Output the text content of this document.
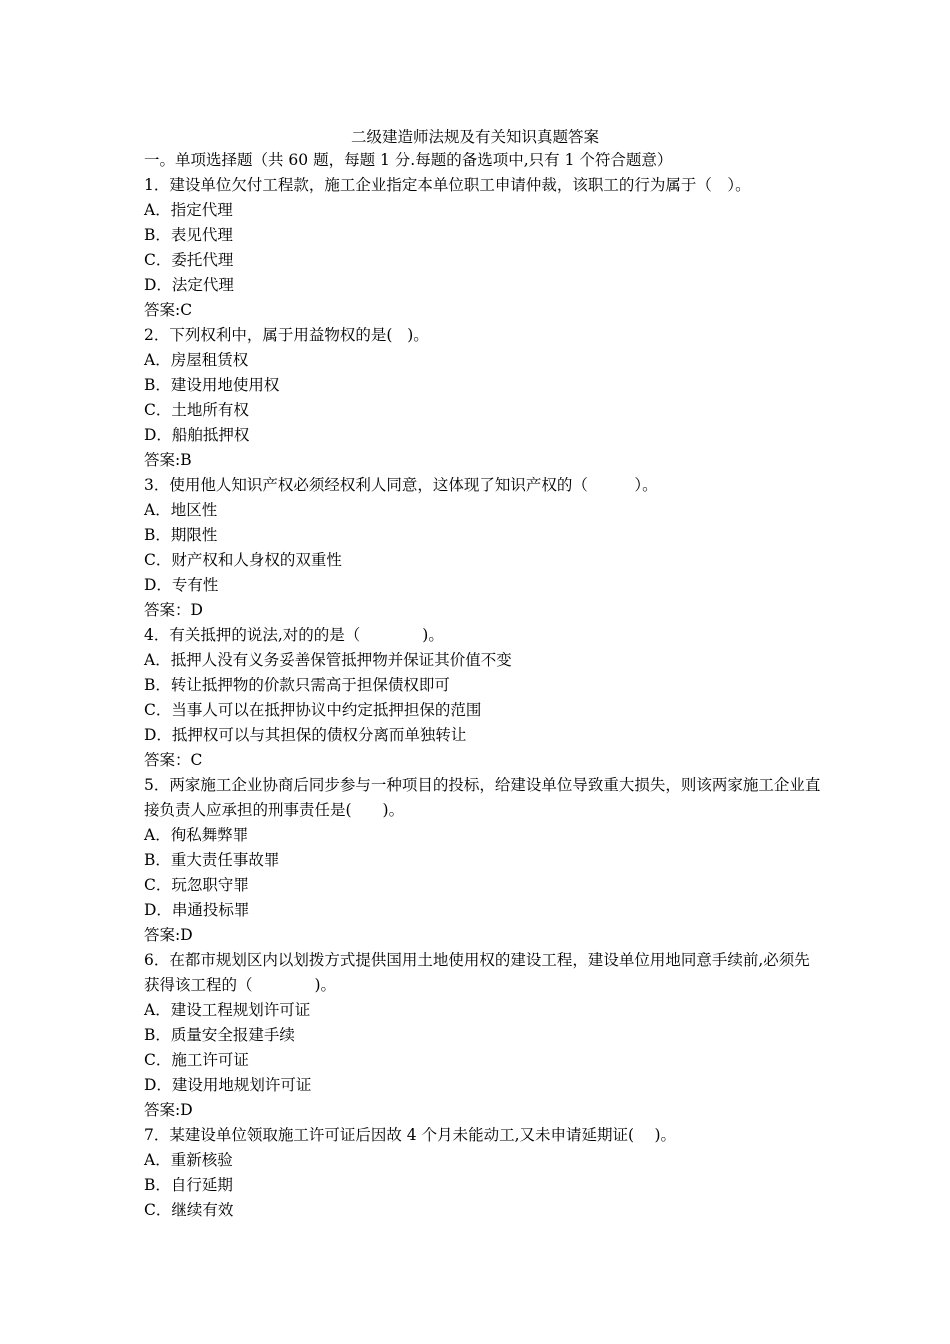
二级建造师法规及有关知识真题答案
一。单项选择题（共 60 题，每题 1 分.每题的备选项中,只有 1 个符合题意）
1．建设单位欠付工程款，施工企业指定本单位职工申请仲裁，该职工的行为属于（　）。
A．指定代理
B．表见代理
C．委托代理
D．法定代理
答案:C
2．下列权利中，属于用益物权的是(   )。
A．房屋租赁权
B．建设用地使用权
C．土地所有权
D．船舶抵押权
答案:B
3．使用他人知识产权必须经权利人同意，这体现了知识产权的（　　　）。
A．地区性
B．期限性
C．财产权和人身权的双重性
D．专有性
答案：D
4．有关抵押的说法,对的的是（　　　　)。
A．抵押人没有义务妥善保管抵押物并保证其价值不变
B．转让抵押物的价款只需高于担保债权即可
C．当事人可以在抵押协议中约定抵押担保的范围
D．抵押权可以与其担保的债权分离而单独转让
答案：C
5．两家施工企业协商后同步参与一种项目的投标，给建设单位导致重大损失，则该两家施工企业直接负责人应承担的刑事责任是(　　)。
A．徇私舞弊罪
B．重大责任事故罪
C．玩忽职守罪
D．串通投标罪
答案:D
6．在都市规划区内以划拨方式提供国用土地使用权的建设工程，建设单位用地同意手续前,必须先获得该工程的（　　　　)。
A．建设工程规划许可证
B．质量安全报建手续
C．施工许可证
D．建设用地规划许可证
答案:D
7．某建设单位领取施工许可证后因故 4 个月未能动工,又未申请延期证(　 )。
A．重新核验
B．自行延期
C．继续有效
